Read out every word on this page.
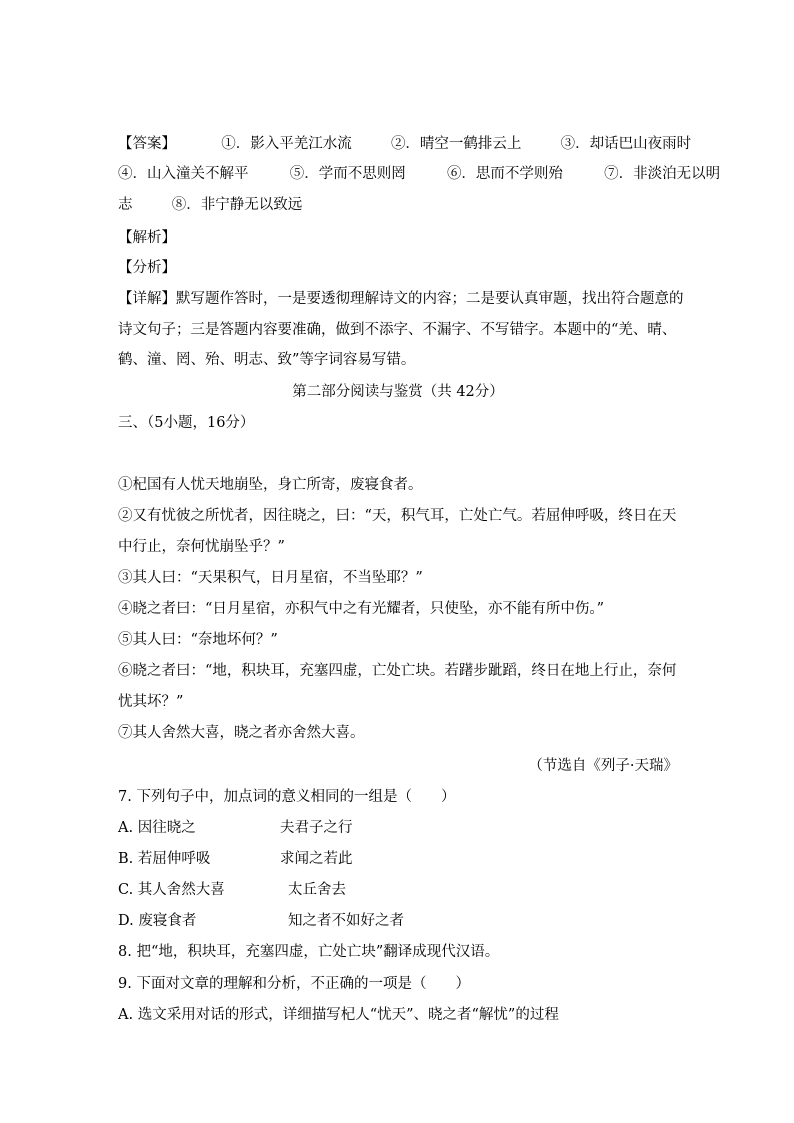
【答案】	①．影入平羌江水流	②．晴空一鹤排云上	③．却话巴山夜雨时
④．山入潼关不解平	⑤．学而不思则罔	⑥．思而不学则殆	⑦．非淡泊无以明
志	⑧．非宁静无以致远
【解析】
【分析】
【详解】默写题作答时，一是要透彻理解诗文的内容；二是要认真审题，找出符合题意的
诗文句子；三是答题内容要准确，做到不添字、不漏字、不写错字。本题中的“羌、晴、
鹤、潼、罔、殆、明志、致”等字词容易写错。
第二部分阅读与鉴赏（共 42分）
三、（5小题，16分）
①杞国有人忧天地崩坠，身亡所寄，废寝食者。
②又有忧彼之所忧者，因往晓之，曰：“天，积气耳，亡处亡气。若屈伸呼吸，终日在天
中行止，奈何忧崩坠乎？”
③其人曰：“天果积气，日月星宿，不当坠耶？”
④晓之者曰：“日月星宿，亦积气中之有光耀者，只使坠，亦不能有所中伤。”
⑤其人曰：“奈地坏何？”
⑥晓之者曰：“地，积块耳，充塞四虚，亡处亡块。若躇步跐蹈，终日在地上行止，奈何
忧其坏？”
⑦其人舍然大喜，晓之者亦舍然大喜。
（节选自《列子·天瑞》
7. 下列句子中，加点词的意义相同的一组是（　　）
A. 因往晓之	夫君子之行
B. 若屈伸呼吸	求闻之若此
C. 其人舍然大喜	太丘舍去
D. 废寝食者	知之者不如好之者
8. 把“地，积块耳，充塞四虚，亡处亡块”翻译成现代汉语。
9. 下面对文章的理解和分析，不正确的一项是（　　）
A. 选文采用对话的形式，详细描写杞人“忧天”、晓之者“解忧”的过程
